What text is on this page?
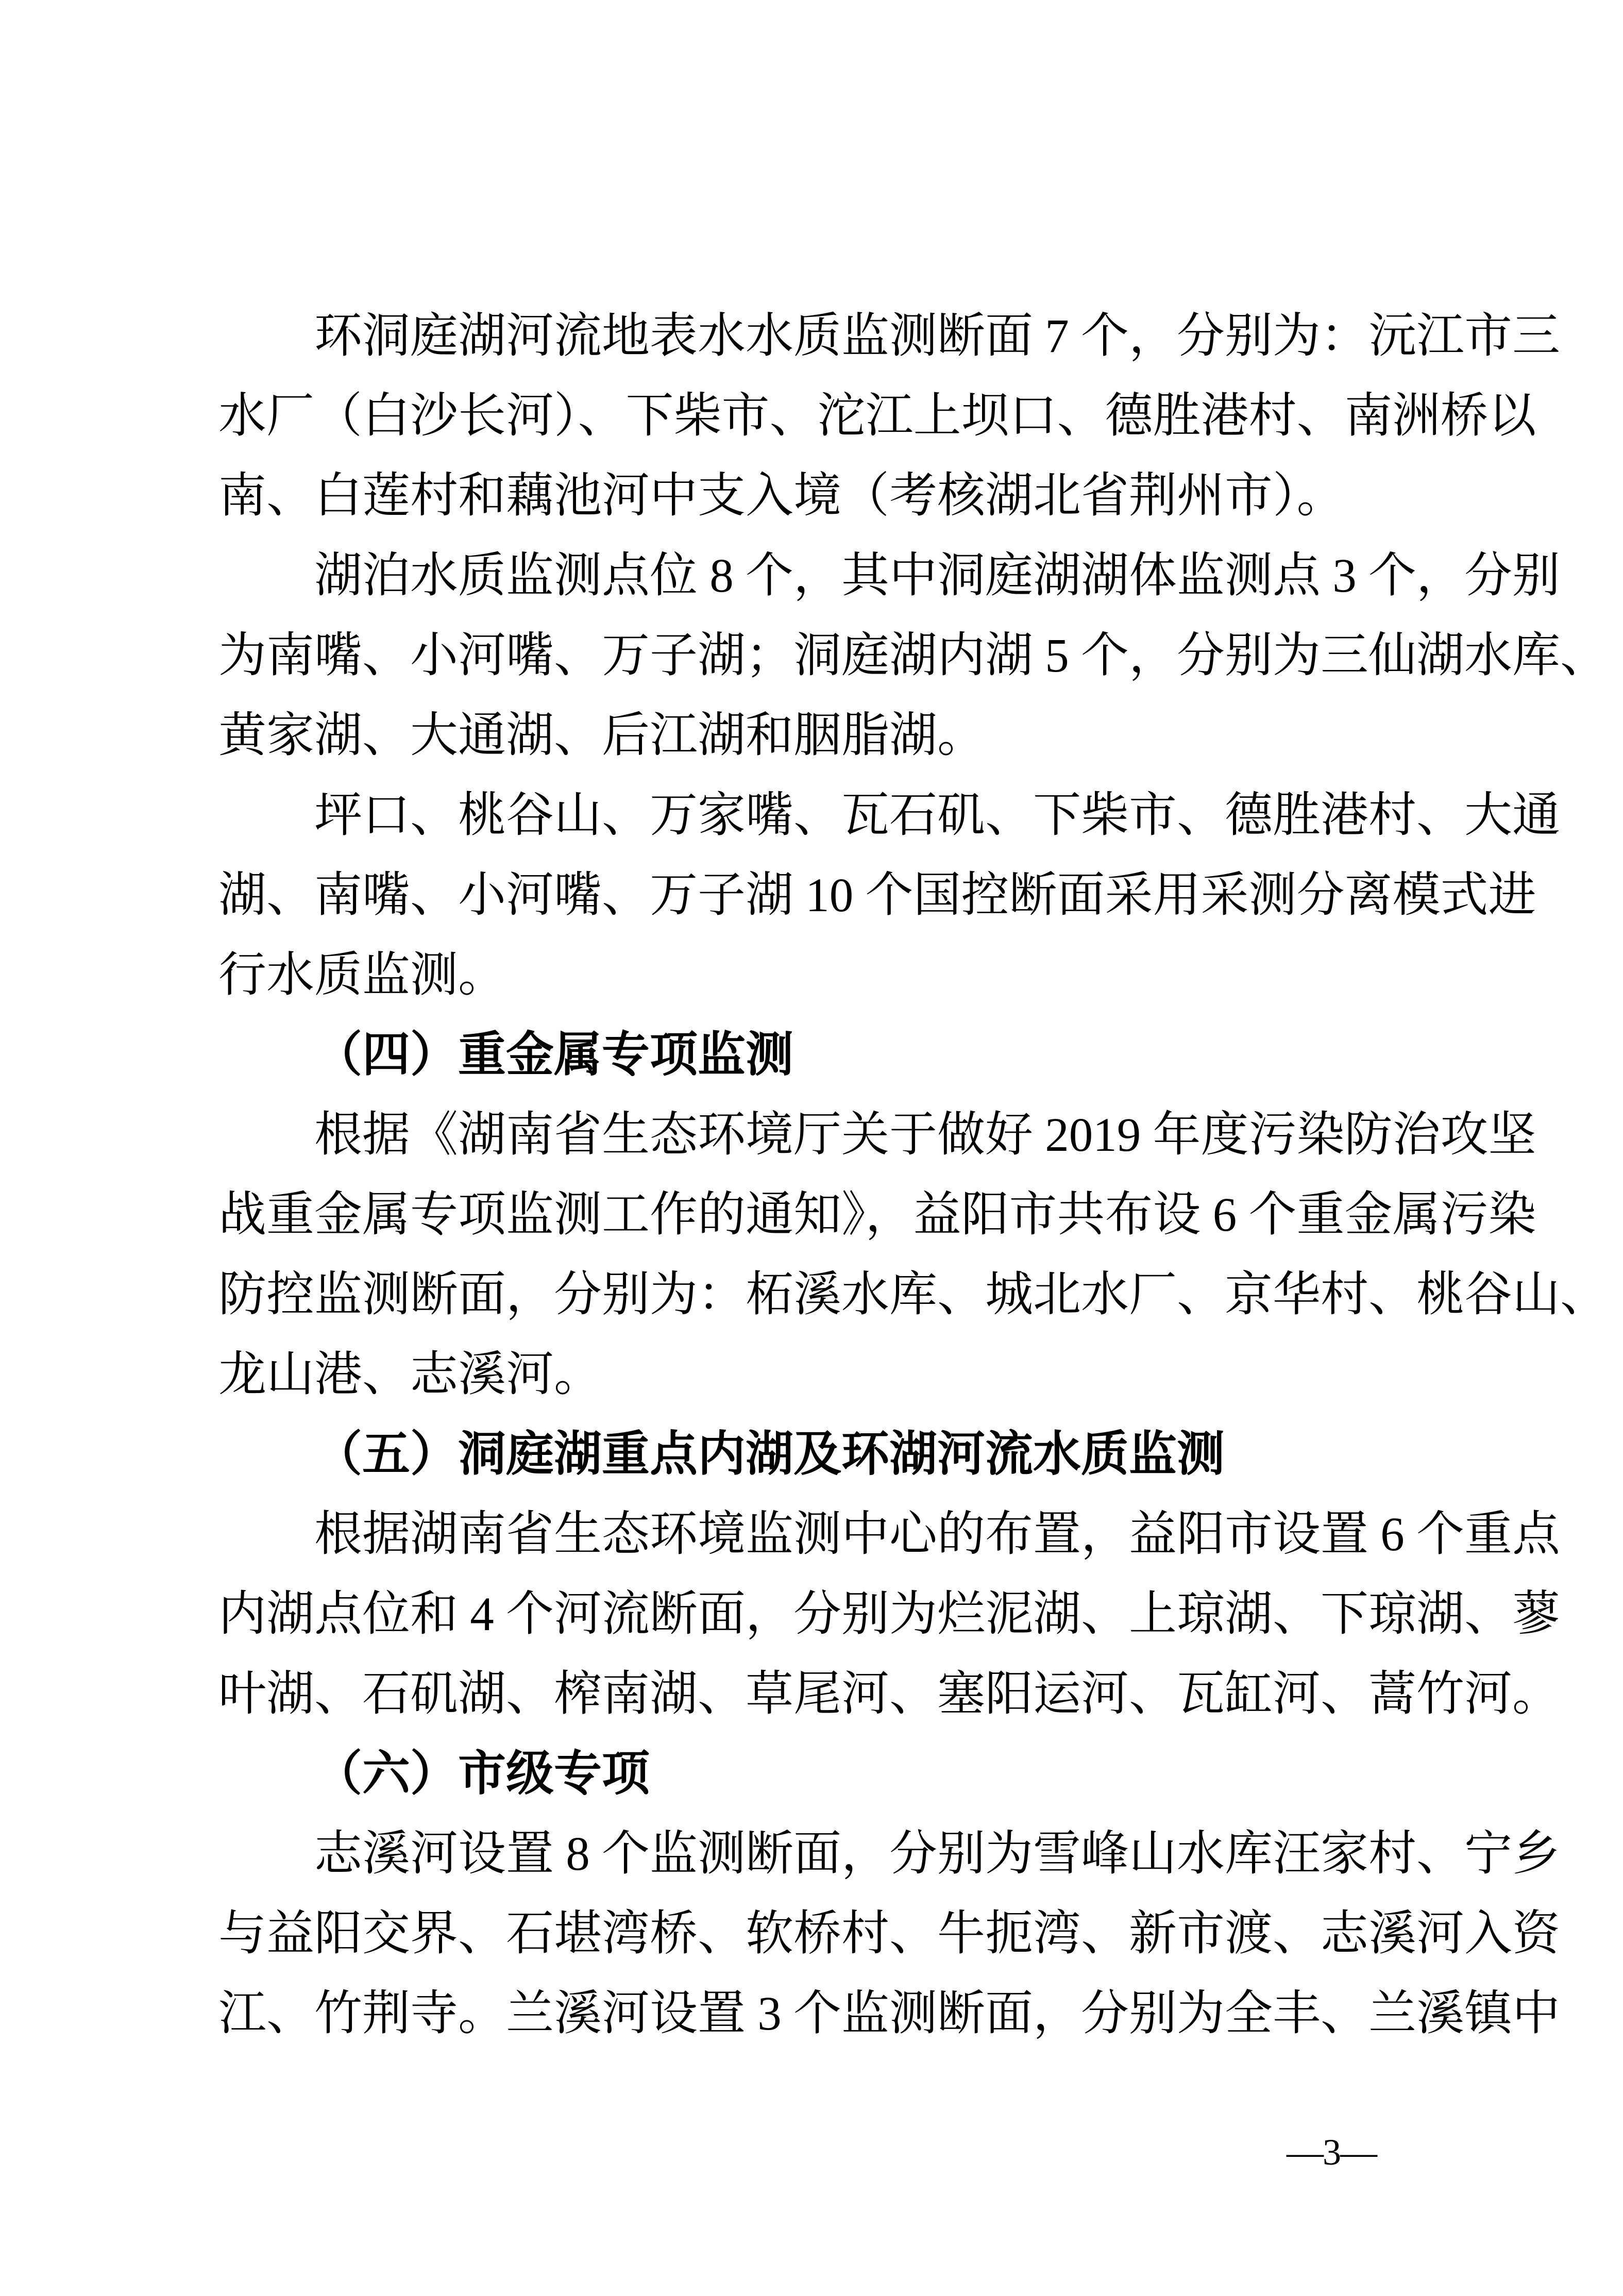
环洞庭湖河流地表水水质监测断面 7 个，分别为：沅江市三
水厂（白沙长河）、下柴市、沱江上坝口、德胜港村、南洲桥以
南、白莲村和藕池河中支入境（考核湖北省荆州市）。
湖泊水质监测点位 8 个，其中洞庭湖湖体监测点 3 个，分别
为南嘴、小河嘴、万子湖；洞庭湖内湖 5 个，分别为三仙湖水库、
黄家湖、大通湖、后江湖和胭脂湖。
坪口、桃谷山、万家嘴、瓦石矶、下柴市、德胜港村、大通
湖、南嘴、小河嘴、万子湖 10 个国控断面采用采测分离模式进
行水质监测。
（四）重金属专项监测
根据《湖南省生态环境厅关于做好 2019 年度污染防治攻坚
战重金属专项监测工作的通知》，益阳市共布设 6 个重金属污染
防控监测断面，分别为：柘溪水库、城北水厂、京华村、桃谷山、
龙山港、志溪河。
（五）洞庭湖重点内湖及环湖河流水质监测
根据湖南省生态环境监测中心的布置，益阳市设置 6 个重点
内湖点位和 4 个河流断面，分别为烂泥湖、上琼湖、下琼湖、蓼
叶湖、石矶湖、榨南湖、草尾河、塞阳运河、瓦缸河、蒿竹河。
（六）市级专项
志溪河设置 8 个监测断面，分别为雪峰山水库汪家村、宁乡
与益阳交界、石堪湾桥、软桥村、牛扼湾、新市渡、志溪河入资
江、竹荆寺。兰溪河设置 3 个监测断面，分别为全丰、兰溪镇中
—3—
